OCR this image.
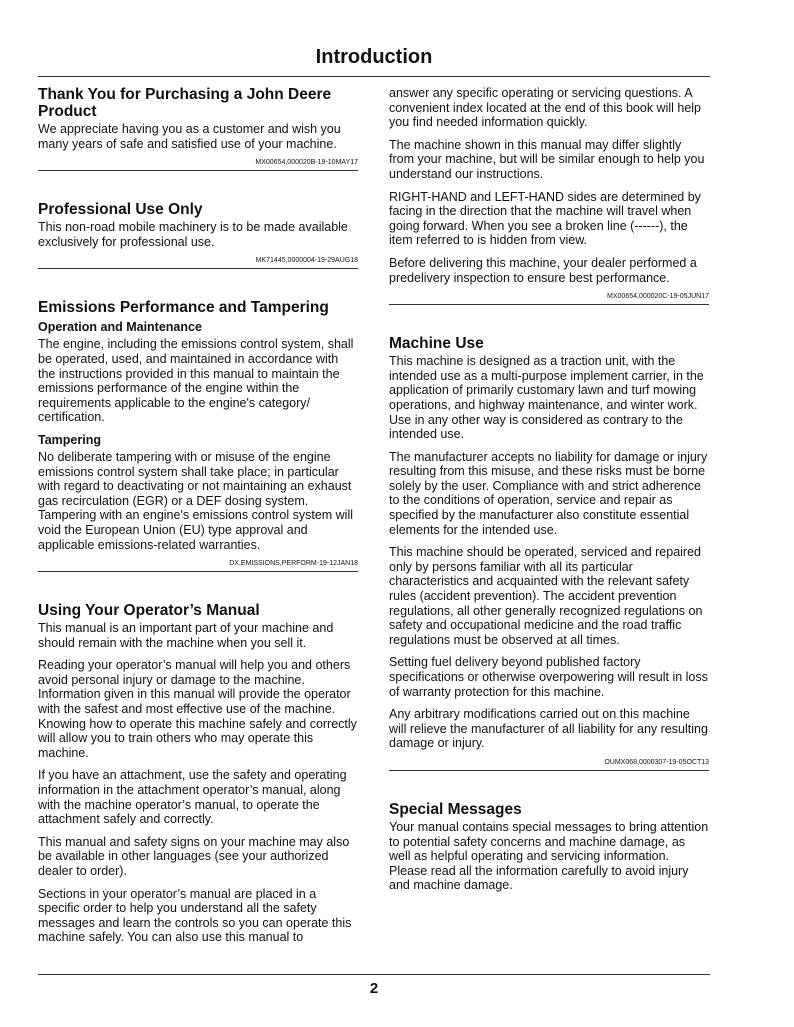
Introduction
Thank You for Purchasing a John Deere Product

We appreciate having you as a customer and wish you many years of safe and satisfied use of your machine.

MX00654,000020B-19-10MAY17
Professional Use Only

This non-road mobile machinery is to be made available exclusively for professional use.

MK71445,0000004-19-29AUG18
Emissions Performance and Tampering
Operation and Maintenance

The engine, including the emissions control system, shall be operated, used, and maintained in accordance with the instructions provided in this manual to maintain the emissions performance of the engine within the requirements applicable to the engine's category/ certification.

Tampering

No deliberate tampering with or misuse of the engine emissions control system shall take place; in particular with regard to deactivating or not maintaining an exhaust gas recirculation (EGR) or a DEF dosing system. Tampering with an engine's emissions control system will void the European Union (EU) type approval and applicable emissions-related warranties.

DX,EMISSIONS,PERFORM-19-12JAN18
Using Your Operator’s Manual

This manual is an important part of your machine and should remain with the machine when you sell it.

Reading your operator’s manual will help you and others avoid personal injury or damage to the machine. Information given in this manual will provide the operator with the safest and most effective use of the machine. Knowing how to operate this machine safely and correctly will allow you to train others who may operate this machine.

If you have an attachment, use the safety and operating information in the attachment operator’s manual, along with the machine operator’s manual, to operate the attachment safely and correctly.

This manual and safety signs on your machine may also be available in other languages (see your authorized dealer to order).

Sections in your operator’s manual are placed in a specific order to help you understand all the safety messages and learn the controls so you can operate this machine safely. You can also use this manual to

answer any specific operating or servicing questions. A convenient index located at the end of this book will help you find needed information quickly.

The machine shown in this manual may differ slightly from your machine, but will be similar enough to help you understand our instructions.

RIGHT-HAND and LEFT-HAND sides are determined by facing in the direction that the machine will travel when going forward. When you see a broken line (------), the item referred to is hidden from view.

Before delivering this machine, your dealer performed a predelivery inspection to ensure best performance.

MX00654,000020C-19-05JUN17
Machine Use

This machine is designed as a traction unit, with the intended use as a multi-purpose implement carrier, in the application of primarily customary lawn and turf mowing operations, and highway maintenance, and winter work. Use in any other way is considered as contrary to the intended use.

The manufacturer accepts no liability for damage or injury resulting from this misuse, and these risks must be borne solely by the user. Compliance with and strict adherence to the conditions of operation, service and repair as specified by the manufacturer also constitute essential elements for the intended use.

This machine should be operated, serviced and repaired only by persons familiar with all its particular characteristics and acquainted with the relevant safety rules (accident prevention). The accident prevention regulations, all other generally recognized regulations on safety and occupational medicine and the road traffic regulations must be observed at all times.

Setting fuel delivery beyond published factory specifications or otherwise overpowering will result in loss of warranty protection for this machine.

Any arbitrary modifications carried out on this machine will relieve the manufacturer of all liability for any resulting damage or injury.

OUMX068,0000307-19-05OCT13
Special Messages

Your manual contains special messages to bring attention to potential safety concerns and machine damage, as well as helpful operating and servicing information. Please read all the information carefully to avoid injury and machine damage.

2
